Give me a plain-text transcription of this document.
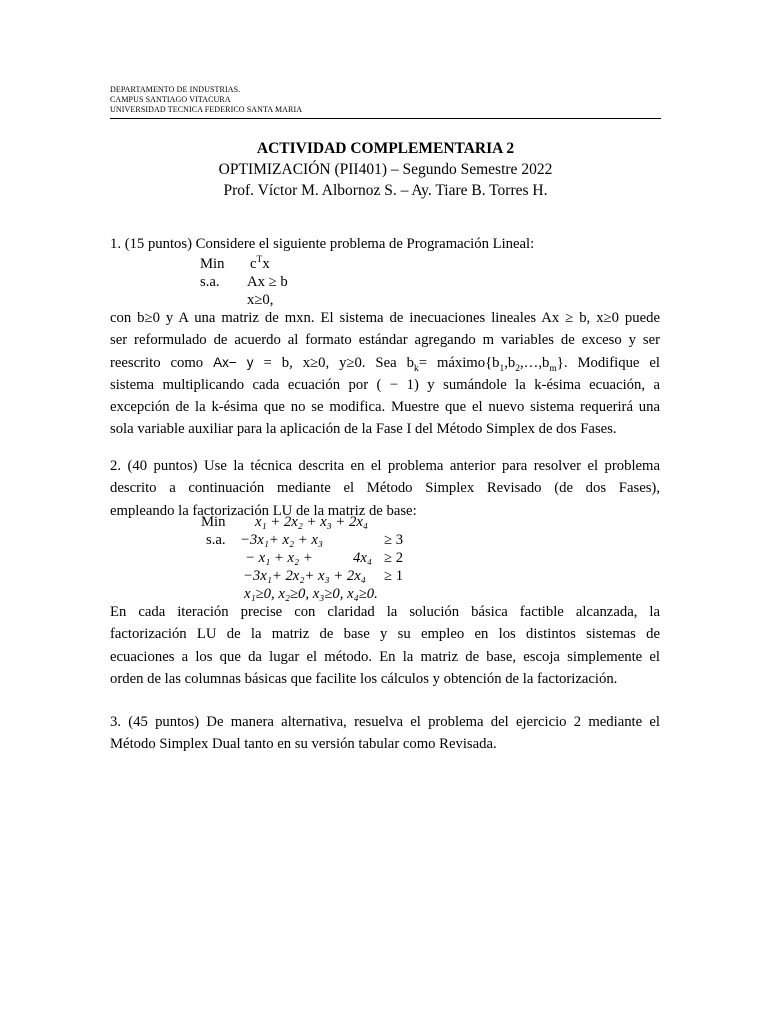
DEPARTAMENTO DE INDUSTRIAS.
CAMPUS SANTIAGO VITACURA
UNIVERSIDAD TECNICA FEDERICO SANTA MARIA
ACTIVIDAD COMPLEMENTARIA 2
OPTIMIZACIÓN (PII401) – Segundo Semestre 2022
Prof. Víctor M. Albornoz S. – Ay. Tiare B. Torres H.
1. (15 puntos) Considere el siguiente problema de Programación Lineal:
Min $c^Tx$
s.a. Ax ≥ b
x≥0,
con b≥0 y A una matriz de mxn. El sistema de inecuaciones lineales Ax ≥ b, x≥0 puede
ser reformulado de acuerdo al formato estándar agregando m variables de exceso y ser
reescrito como Ax− y = b, x≥0, y≥0. Sea $b_k=$ $máximo\{b_1,b_2,\dots,b_m\}$. Modifique el
sistema multiplicando cada ecuación por ( − 1) y sumándole la k-ésima ecuación, a
excepción de la k-ésima que no se modifica. Muestre que el nuevo sistema requerirá una
sola variable auxiliar para la aplicación de la Fase I del Método Simplex de dos Fases.
2. (40 puntos) Use la técnica descrita en el problema anterior para resolver el problema
descrito a continuación mediante el Método Simplex Revisado (de dos Fases),
empleando la factorización LU de la matriz de base:
Min x₁ + 2x₂ + x₃ + 2x₄
s.a. −3x₁+ x₂ + x₃	≥ 3
− x₁ + x₂ +	4x₄ ≥ 2
−3x₁+ 2x₂+ x₃ + 2x₄ ≥ 1
x₁≥0, x₂≥0, x₃≥0, x₄≥0.
En cada iteración precise con claridad la solución básica factible alcanzada, la
factorización LU de la matriz de base y su empleo en los distintos sistemas de
ecuaciones a los que da lugar el método. En la matriz de base, escoja simplemente el
orden de las columnas básicas que facilite los cálculos y obtención de la factorización.
3. (45 puntos) De manera alternativa, resuelva el problema del ejercicio 2 mediante el
Método Simplex Dual tanto en su versión tabular como Revisada.
